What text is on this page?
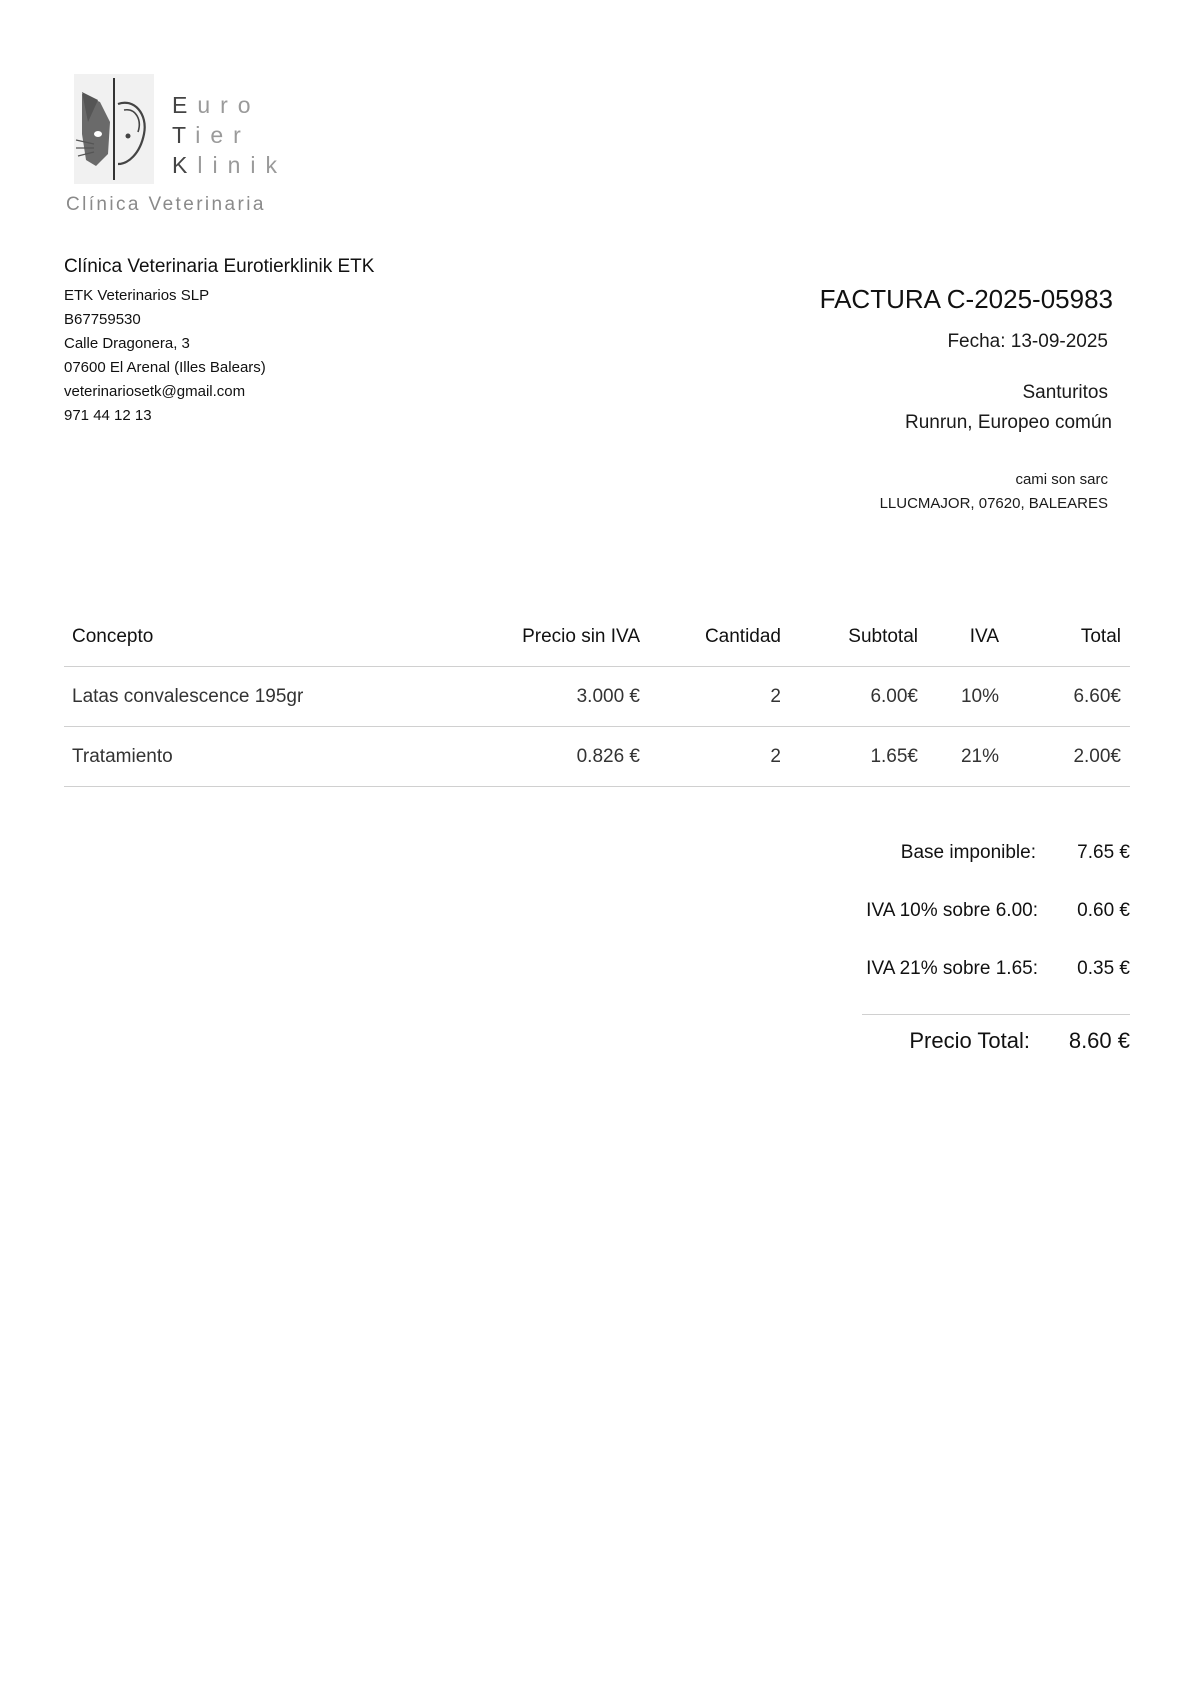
Euro
Tier
Klinik
Clínica Veterinaria
Clínica Veterinaria Eurotierklinik ETK
ETK Veterinarios SLP
B67759530
Calle Dragonera, 3
07600 El Arenal (Illes Balears)
veterinariosetk@gmail.com
971 44 12 13
FACTURA C-2025-05983
Fecha: 13-09-2025
Santuritos
Runrun, Europeo común
cami son sarc
LLUCMAJOR, 07620, BALEARES
Concepto	Precio sin IVA	Cantidad	Subtotal	IVA	Total
Latas convalescence 195gr	3.000 €	2	6.00€ 10%	6.60€
Tratamiento	0.826 €	2	1.65€ 21%	2.00€
Base imponible: 7.65 €
IVA 10% sobre 6.00: 0.60 €
IVA 21% sobre 1.65: 0.35 €
Precio Total: 8.60 €
